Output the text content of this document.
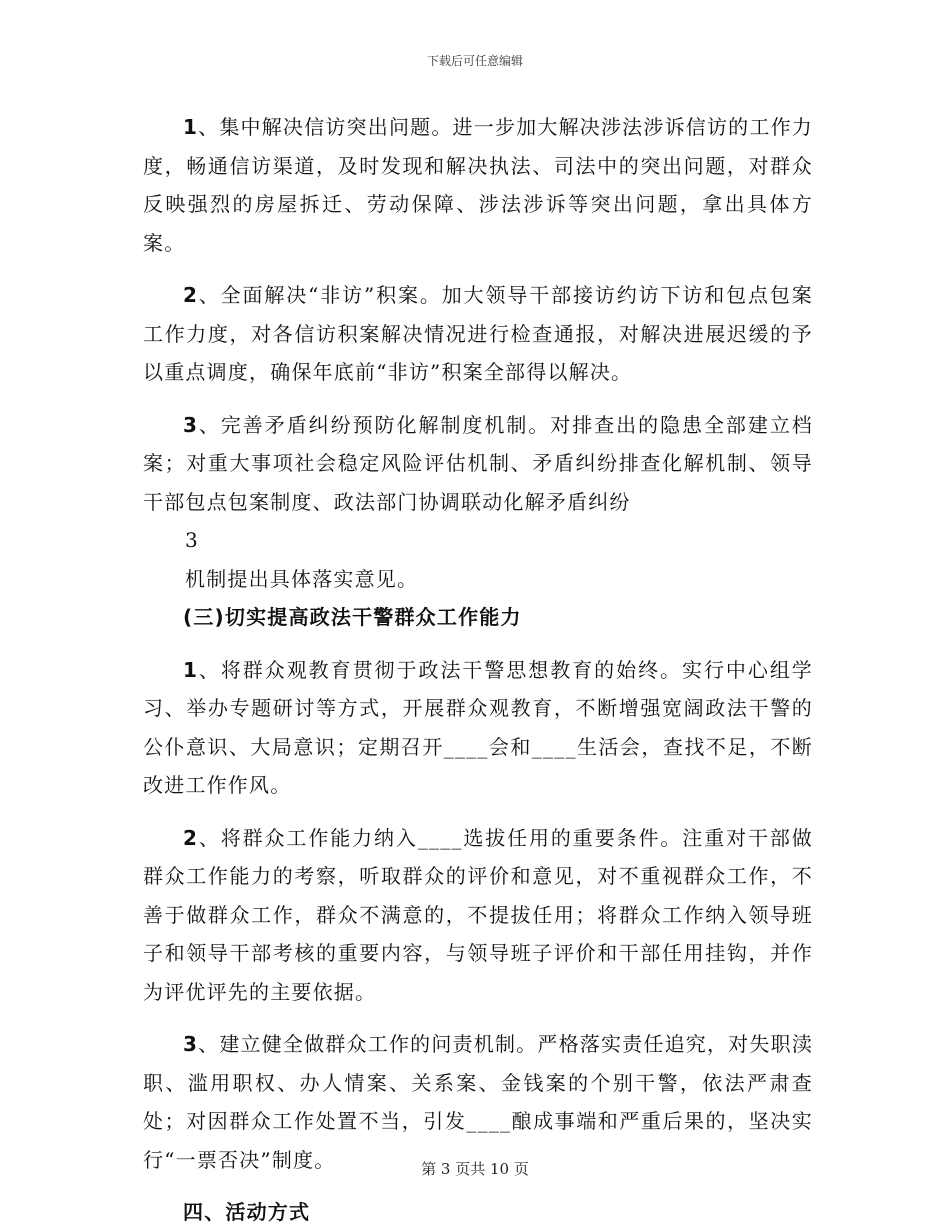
下载后可任意编辑

1、集中解决信访突出问题。进一步加大解决涉法涉诉信访的工作力度，畅通信访渠道，及时发现和解决执法、司法中的突出问题，对群众反映强烈的房屋拆迁、劳动保障、涉法涉诉等突出问题，拿出具体方案。

2、全面解决“非访”积案。加大领导干部接访约访下访和包点包案工作力度，对各信访积案解决情况进行检查通报，对解决进展迟缓的予以重点调度，确保年底前“非访”积案全部得以解决。

3、完善矛盾纠纷预防化解制度机制。对排查出的隐患全部建立档案；对重大事项社会稳定风险评估机制、矛盾纠纷排查化解机制、领导干部包点包案制度、政法部门协调联动化解矛盾纠纷

3

机制提出具体落实意见。

(三)切实提高政法干警群众工作能力

1、将群众观教育贯彻于政法干警思想教育的始终。实行中心组学习、举办专题研讨等方式，开展群众观教育，不断增强宽阔政法干警的公仆意识、大局意识；定期召开____会和____生活会，查找不足，不断改进工作作风。

2、将群众工作能力纳入____选拔任用的重要条件。注重对干部做群众工作能力的考察，听取群众的评价和意见，对不重视群众工作，不善于做群众工作，群众不满意的，不提拔任用；将群众工作纳入领导班子和领导干部考核的重要内容，与领导班子评价和干部任用挂钩，并作为评优评先的主要依据。

3、建立健全做群众工作的问责机制。严格落实责任追究，对失职渎职、滥用职权、办人情案、关系案、金钱案的个别干警，依法严肃查处；对因群众工作处置不当，引发____酿成事端和严重后果的，坚决实行“一票否决”制度。

四、活动方式

第 3 页共 10 页
